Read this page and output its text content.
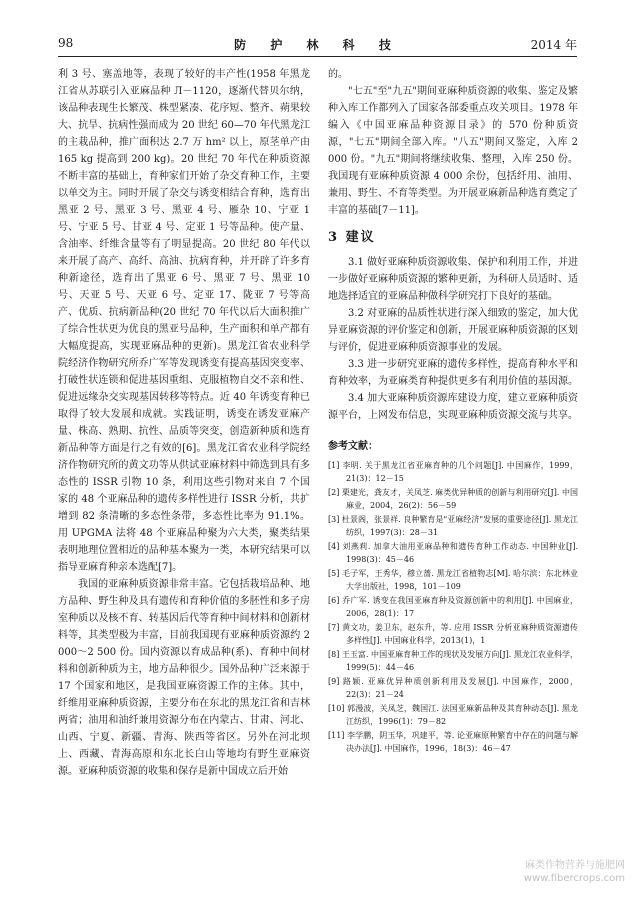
98	防 护 林 科 技	2014 年

利 3 号、塞盖地等，表现了较好的丰产性(1958 年黑龙江省从苏联引入亚麻品种 Л－1120，逐渐代替贝尔纳，该品种表现生长繁茂、株型紧凑、花序短、整齐、蒴果较大、抗旱、抗病性强而成为 20 世纪 60—70 年代黑龙江的主栽品种，推广面积达 2.7 万 hm² 以上，原茎单产由 165 kg 提高到 200 kg)。20 世纪 70 年代在种质资源不断丰富的基础上，育种家们开始了杂交育种工作，主要以单交为主。同时开展了杂交与诱变相结合育种，选育出黑亚 2 号、黑亚 3 号、黑亚 4 号、雁杂 10、宁亚 1 号、宁亚 5 号、甘亚 4 号、定亚 1 号等品种。使产量、含油率、纤维含量等有了明显提高。20 世纪 80 年代以来开展了高产、高纤、高油、抗病育种，并开辟了许多育种新途径，选育出了黑亚 6 号、黑亚 7 号、黑亚 10 号、天亚 5 号、天亚 6 号、定亚 17、陇亚 7 号等高产、优质、抗病新品种(20 世纪 70 年代以后大面积推广了综合性状更为优良的黑亚号品种，生产面积和单产都有大幅度提高，实现亚麻品种的更新)。黑龙江省农业科学院经济作物研究所乔广军等发现诱变有提高基因突变率、打破性状连锁和促进基因重组、克服植物自交不亲和性、促进远缘杂交实现基因转移等特点。近 40 年诱变育种已取得了较大发展和成就。实践证明，诱变在诱发亚麻产量、株高、熟期、抗性、品质等突变，创造新种质和选育新品种等方面是行之有效的[6]。黑龙江省农业科学院经济作物研究所的黄文功等从供试亚麻材料中筛选到具有多态性的 ISSR 引物 10 条，利用这些引物对来自 7 个国家的 48 个亚麻品种的遗传多样性进行 ISSR 分析，共扩增到 82 条清晰的多态性条带，多态性比率为 91.1%。用 UPGMA 法将 48 个亚麻品种聚为六大类，聚类结果表明地理位置相近的品种基本聚为一类，本研究结果可以指导亚麻育种亲本选配[7]。

我国的亚麻种质资源非常丰富。它包括栽培品种、地方品种、野生种及具有遗传和育种价值的多胚性和多子房室种质以及核不育、转基因后代等育种中间材料和创新材料等，其类型极为丰富，目前我国现有亚麻种质资源约 2 000～2 500 份。国内资源以育成品种(系)、育种中间材料和创新种质为主，地方品种很少。国外品种广泛来源于 17 个国家和地区，是我国亚麻资源工作的主体。其中，纤维用亚麻种质资源，主要分布在东北的黑龙江省和吉林两省；油用和油纤兼用资源分布在内蒙古、甘肃、河北、山西、宁夏、新疆、青海、陕西等省区。另外在河北坝上、西藏、青海高原和东北长白山等地均有野生亚麻资源。亚麻种质资源的收集和保存是新中国成立后开始

的。

"七五"至"九五"期间亚麻种质资源的收集、鉴定及繁种入库工作都列入了国家各部委重点攻关项目。1978 年编入《中国亚麻品种资源目录》的 570 份种质资源，"七五"期间全部入库。"八五"期间又鉴定，入库 2 000 份。"九五"期间将继续收集、整理，入库 250 份。我国现有亚麻种质资源 4 000 余份，包括纤用、油用、兼用、野生、不育等类型。为开展亚麻新品种选育奠定了丰富的基础[7－11]。

3 建议

3.1 做好亚麻种质资源收集、保护和利用工作，并进一步做好亚麻种质资源的繁种更新，为科研人员适时、适地选择适宜的亚麻品种做科学研究打下良好的基础。

3.2 对亚麻的品质性状进行深入细致的鉴定，加大优异亚麻资源的评价鉴定和创新，开展亚麻种质资源的区划与评价，促进亚麻种质资源事业的发展。

3.3 进一步研究亚麻的遗传多样性，提高育种水平和育种效率，为亚麻类育种提供更多有利用价值的基因源。

3.4 加大亚麻种质资源库建设力度，建立亚麻种质资源平台，上网发布信息，实现亚麻种质资源交流与共享。

参考文献：
[1] 李明. 关于黑龙江省亚麻育种的几个问题[J]. 中国麻作，1999，21(3)：12－15
[2] 栗建光，龚友才，关凤芝. 麻类优异种质的创新与利用研究[J]. 中国麻业，2004，26(2)：56－59
[3] 杜景阁，张景祥. 良种繁育是"亚麻经济"发展的重要途径[J]. 黑龙江纺织，1997(3)：28－31
[4] 刘燕莉. 加拿大油用亚麻品种和遗传育种工作动态. 中国种业[J]. 1998(3)：45－46
[5] 毛子军，王秀华，穆立蔷. 黑龙江省植物志[M]. 哈尔滨：东北林业大学出版社，1998，101－109
[6] 乔广军. 诱变在我国亚麻育种及资源创新中的利用[J]. 中国麻业，2006，28(1)：17
[7] 黄文功，姜卫东，赵东升，等. 应用 ISSR 分析亚麻种质资源遗传多样性[J]. 中国麻业科学，2013(1)，1
[8] 王玉富. 中国亚麻育种工作的现状及发展方向[J]. 黑龙江农业科学，1999(5)：44－46
[9] 路颖. 亚麻优异种质创新利用及发展[J]. 中国麻作，2000，22(3)：21－24
[10] 郭漫波，关凤芝，魏国江. 法国亚麻新品种及其育种动态[J]. 黑龙江纺织，1996(1)：79－82
[11] 李学鹏，阴玉华，巩建平，等. 论亚麻原种繁育中存在的问题与解决办法[J]. 中国麻作，1996，18(3)：46－47
麻类作物营养与施肥网
www.fibercrops.com
